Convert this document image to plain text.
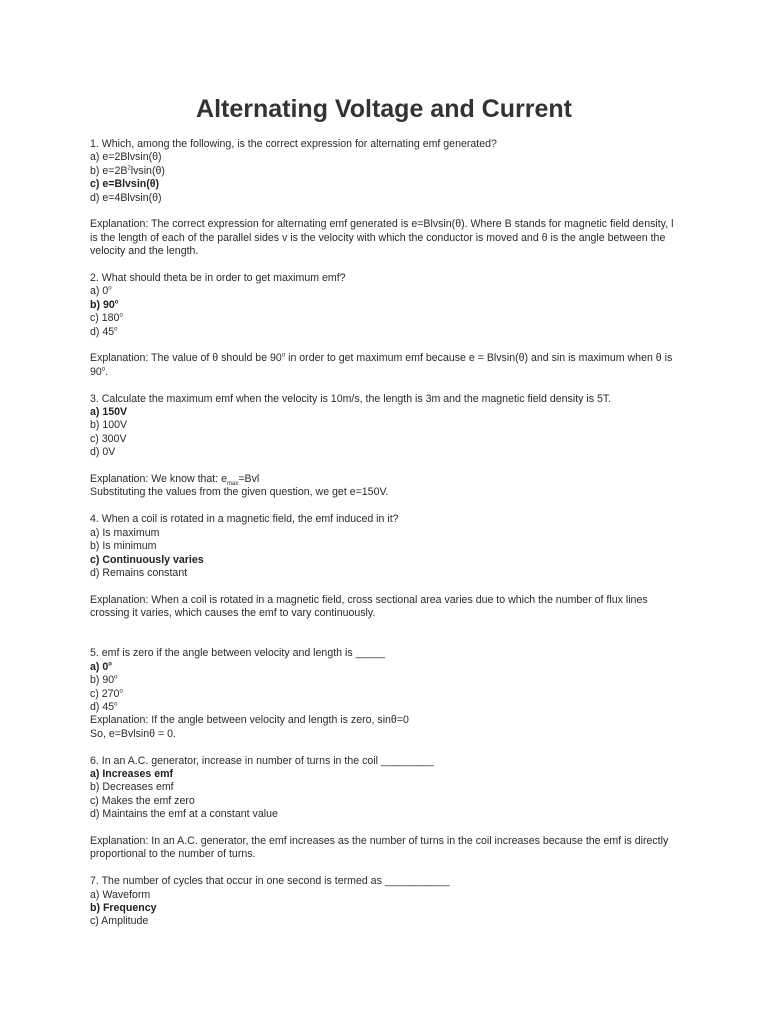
Alternating Voltage and Current

1. Which, among the following, is the correct expression for alternating emf generated?

a) e=2Blvsin(θ)

b) $e=2B^2lvsin(\theta)$

c) e=Blvsin(θ)

d) e=4Blvsin(θ)

Explanation: The correct expression for alternating emf generated is e=Blvsin(θ). Where B stands for magnetic field density, l is the length of each of the parallel sides v is the velocity with which the conductor is moved and θ is the angle between the velocity and the length.

2. What should theta be in order to get maximum emf?

a) 0$^o$

b) 90$^o$

c) 180$^o$

d) 45$^o$

Explanation: The value of θ should be 90$^o$ in order to get maximum emf because e = Blvsin(θ) and sin is maximum when θ is 90$^o$.

3. Calculate the maximum emf when the velocity is 10m/s, the length is 3m and the magnetic field density is 5T.

a) 150V

b) 100V

c) 300V

d) 0V

Explanation: We know that: $e_{max}=Bvl$

Substituting the values from the given question, we get e=150V.

4. When a coil is rotated in a magnetic field, the emf induced in it?

a) Is maximum

b) Is minimum

c) Continuously varies

d) Remains constant

Explanation: When a coil is rotated in a magnetic field, cross sectional area varies due to which the number of flux lines crossing it varies, which causes the emf to vary continuously.

5. emf is zero if the angle between velocity and length is _____

a) 0$^o$

b) 90$^o$

c) 270$^o$

d) 45$^o$

Explanation: If the angle between velocity and length is zero, sinθ=0

So, e=Bvlsinθ = 0.

6. In an A.C. generator, increase in number of turns in the coil _________

a) Increases emf

b) Decreases emf

c) Makes the emf zero

d) Maintains the emf at a constant value

Explanation: In an A.C. generator, the emf increases as the number of turns in the coil increases because the emf is directly proportional to the number of turns.

7. The number of cycles that occur in one second is termed as ___________

a) Waveform

b) Frequency

c) Amplitude
